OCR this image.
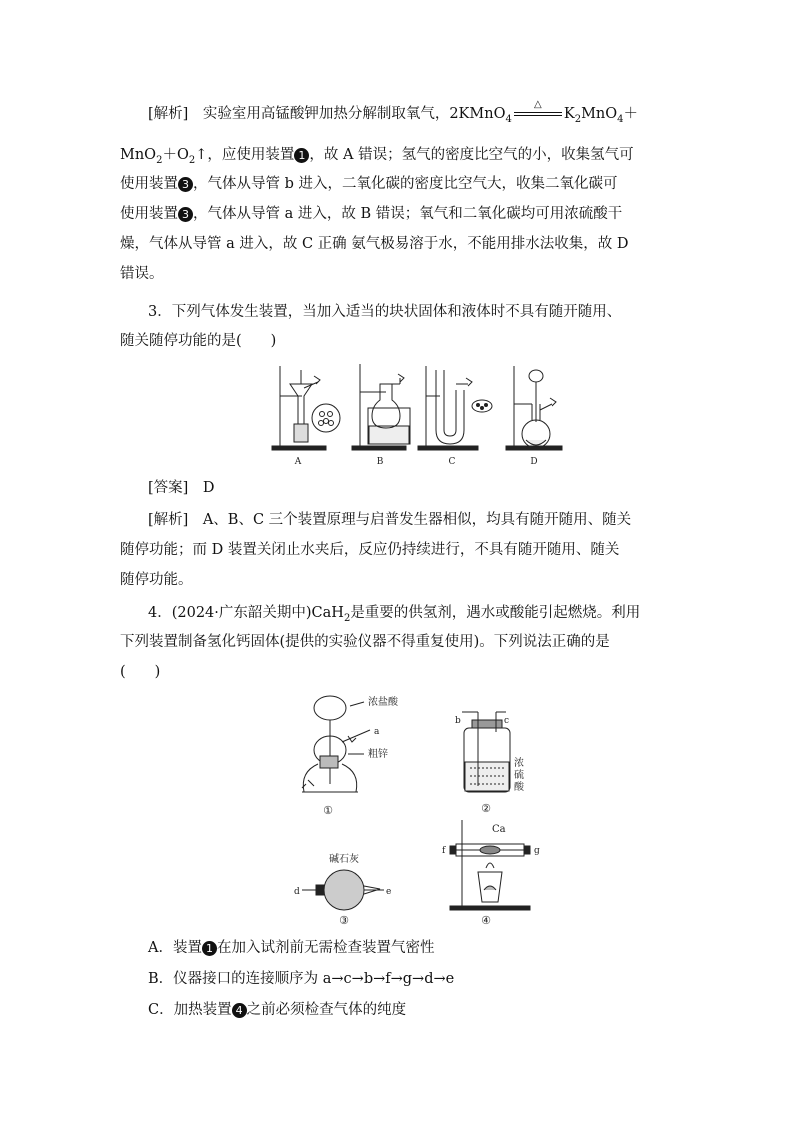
[解析]　 实验室用高锰酸钾加热分解制取氧气，2KMnO$_4$
△
$K_2MnO_4+$
$MnO_2+O_2↑$，应使用装置 1 ，故 A 错误；氢气的密度比空气的小，收集氢气可
使用装置 3 ，气体从导管 b 进入，二氧化碳的密度比空气大，收集二氧化碳可
使用装置 3 ，气体从导管 a 进入，故 B 错误；氧气和二氧化碳均可用浓硫酸干
燥，气体从导管 a 进入，故 C 正确 氨气极易溶于水，不能用排水法收集，故 D
错误。
3．下列气体发生装置，当加入适当的块状固体和液体时不具有随开随用、
随关随停功能的是(　　)
A	B	C	D
[答案]　 D
[解析]　 A、B、C 三个装置原理与启普发生器相似，均具有随开随用、随关
随停功能；而 D 装置关闭止水夹后，反应仍持续进行，不具有随开随用、随关
随停功能。
4．(2024·广东韶关期中)CaH$_2$是重要的供氢剂，遇水或酸能引起燃烧。利用
下列装置制备氢化钙固体(提供的实验仪器不得重复使用)。下列说法正确的是
(　　)
浓盐酸
a
粗锌
①
b	c
浓
硫
酸
②
碱石灰
d	e
③
Ca
f	g
④
A．装置 1 在加入试剂前无需检查装置气密性
B．仪器接口的连接顺序为 a→c→b→f→g→d→e
C．加热装置 4 之前必须检查气体的纯度
